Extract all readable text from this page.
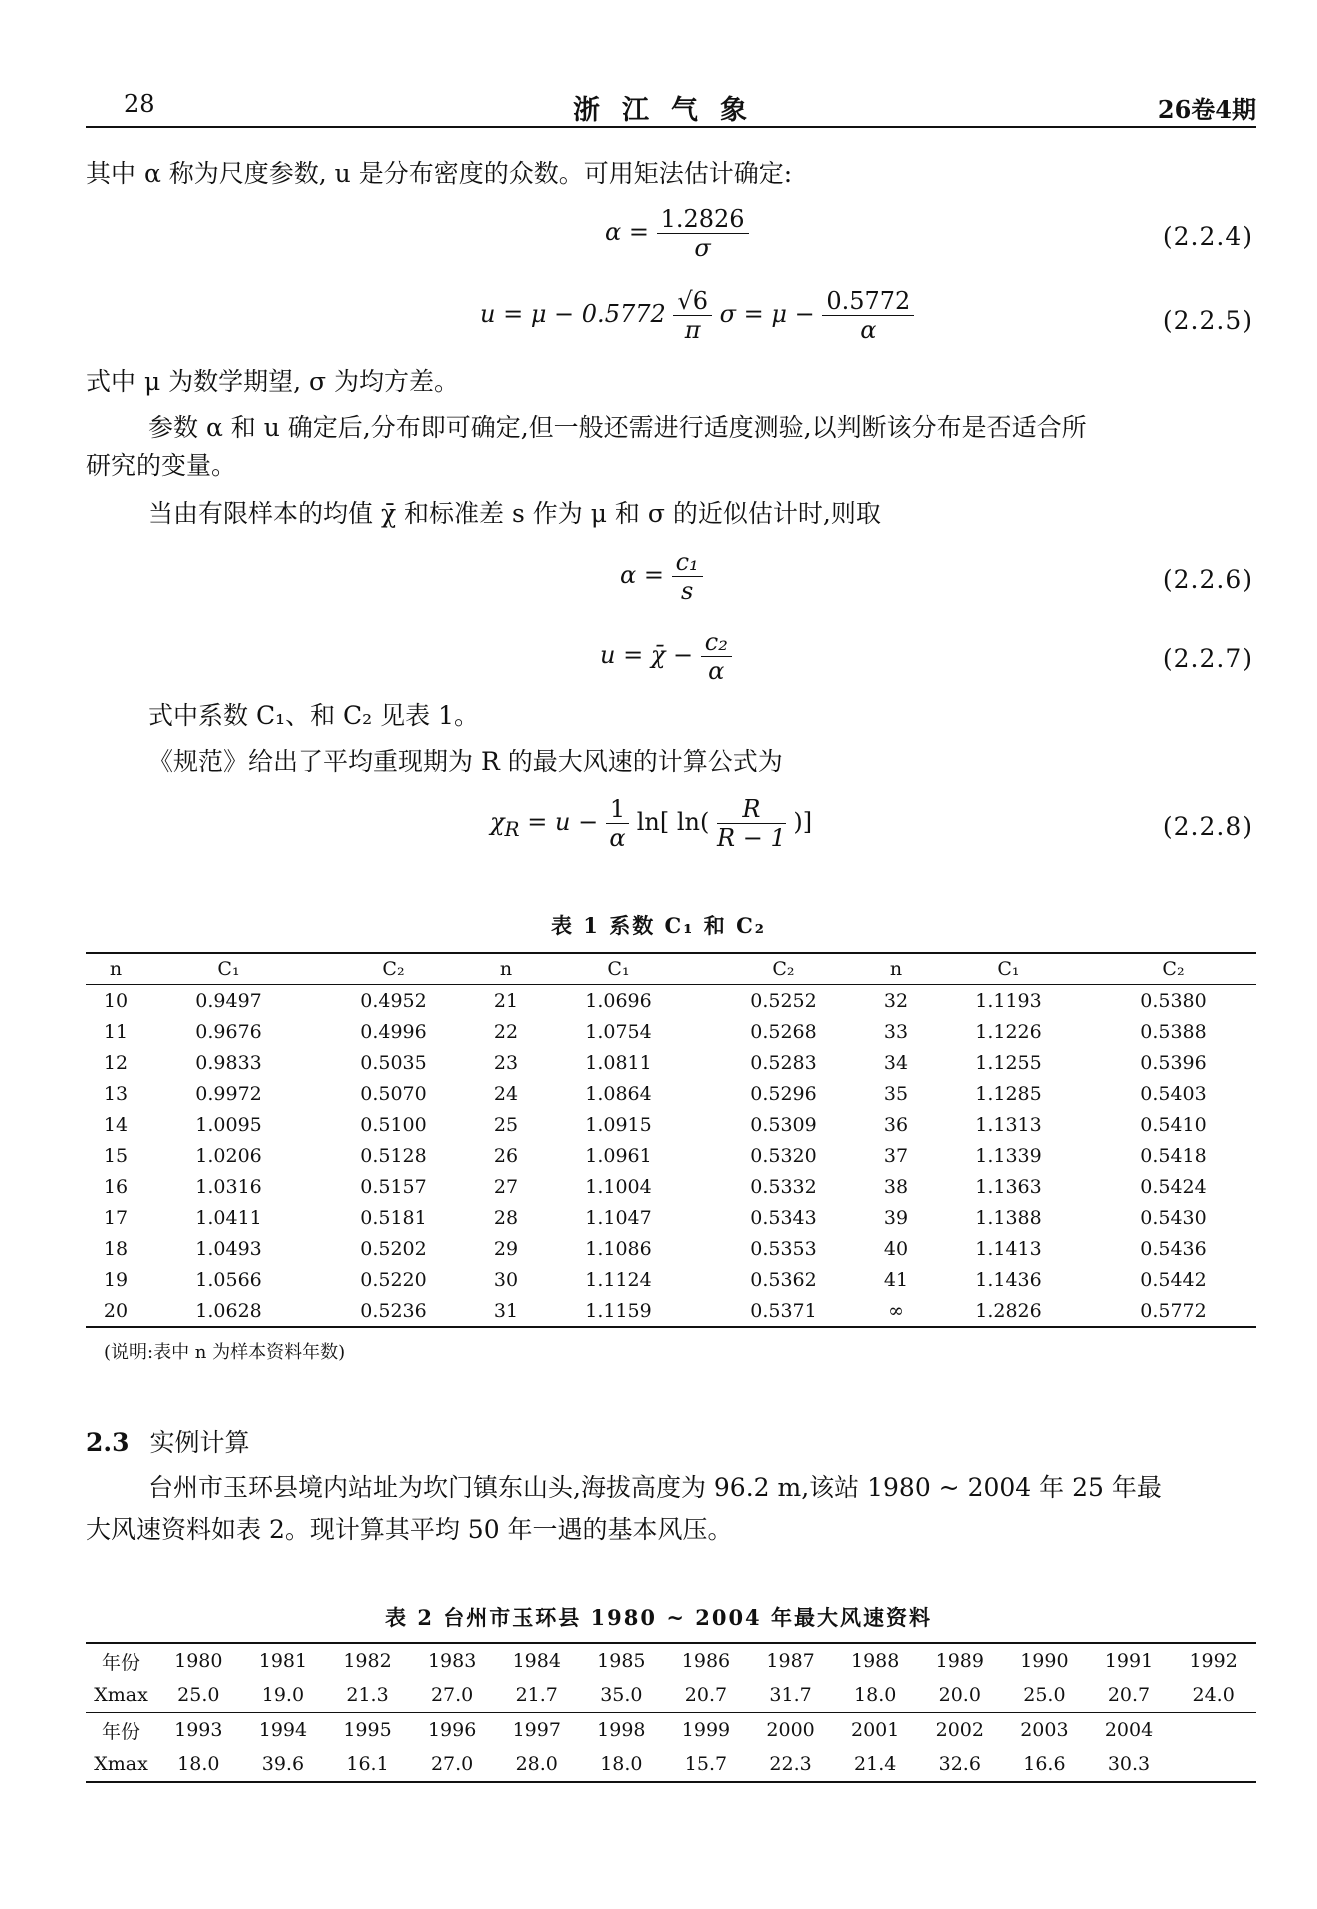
28	浙江气象	26卷4期
其中 α 称为尺度参数, u 是分布密度的众数。可用矩法估计确定:
$\alpha = \frac{1.2826}{\sigma}$	(2.2.4)
$u = \mu - 0.5772 \frac{√6}{\pi}$ $\sigma = \mu - \frac{0.5772}{\alpha}$	(2.2.5)
式中 μ 为数学期望, σ 为均方差。
参数 α 和 u 确定后,分布即可确定,但一般还需进行适度测验,以判断该分布是否适合所
研究的变量。
当由有限样本的均值 χ̄ 和标准差 s 作为 μ 和 σ 的近似估计时,则取
$\alpha = \frac{\text{c₁}}{s}$	(2.2.6)
u = χ̄ − $\frac{\text{c₂}}{\alpha}$	(2.2.7)
式中系数 C₁、和 C₂ 见表 1。
《规范》给出了平均重现期为 R 的最大风速的计算公式为
$\chi_R = u - \frac{1}{\alpha} \ln$[ $\ln( \frac{R}{R - 1}$ )]	(2.2.8)
表 1 系数 C₁ 和 C₂
n	C₁	C₂	n	C₁	C₂	n	C₁	C₂
10	0.9497	0.4952	21	1.0696	0.5252	32	1.1193	0.5380
11	0.9676	0.4996	22	1.0754	0.5268	33	1.1226	0.5388
12	0.9833	0.5035	23	1.0811	0.5283	34	1.1255	0.5396
13	0.9972	0.5070	24	1.0864	0.5296	35	1.1285	0.5403
14	1.0095	0.5100	25	1.0915	0.5309	36	1.1313	0.5410
15	1.0206	0.5128	26	1.0961	0.5320	37	1.1339	0.5418
16	1.0316	0.5157	27	1.1004	0.5332	38	1.1363	0.5424
17	1.0411	0.5181	28	1.1047	0.5343	39	1.1388	0.5430
18	1.0493	0.5202	29	1.1086	0.5353	40	1.1413	0.5436
19	1.0566	0.5220	30	1.1124	0.5362	41	1.1436	0.5442
20	1.0628	0.5236	31	1.1159	0.5371	∞	1.2826	0.5772
(说明:表中 n 为样本资料年数)
2.3 实例计算
台州市玉环县境内站址为坎门镇东山头,海拔高度为 96.2 m,该站 1980 ~ 2004 年 25 年最
大风速资料如表 2。现计算其平均 50 年一遇的基本风压。
表 2 台州市玉环县 1980 ~ 2004 年最大风速资料
年份	1980	1981	1982	1983	1984	1985	1986	1987	1988	1989	1990	1991	1992
Xmax	25.0	19.0	21.3	27.0	21.7	35.0	20.7	31.7	18.0	20.0	25.0	20.7	24.0
年份	1993	1994	1995	1996	1997	1998	1999	2000	2001	2002	2003	2004	
Xmax	18.0	39.6	16.1	27.0	28.0	18.0	15.7	22.3	21.4	32.6	16.6	30.3	
